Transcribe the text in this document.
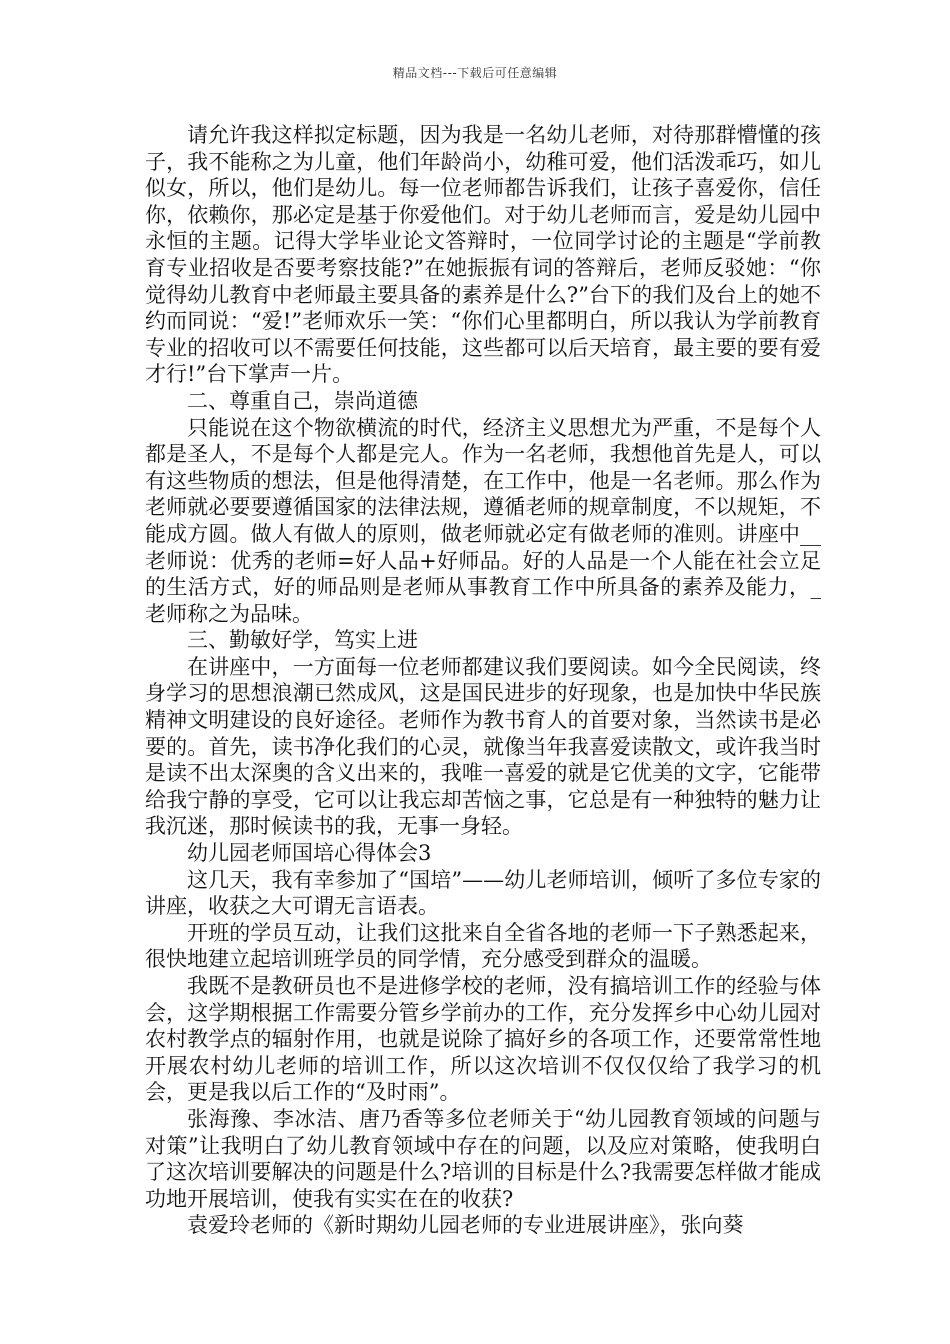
精品文档---下载后可任意编辑

请允许我这样拟定标题，因为我是一名幼儿老师，对待那群懵懂的孩子，我不能称之为儿童，他们年龄尚小，幼稚可爱，他们活泼乖巧，如儿似女，所以，他们是幼儿。每一位老师都告诉我们，让孩子喜爱你，信任你，依赖你，那必定是基于你爱他们。对于幼儿老师而言，爱是幼儿园中永恒的主题。记得大学毕业论文答辩时，一位同学讨论的主题是“学前教育专业招收是否要考察技能?”在她振振有词的答辩后，老师反驳她：“你觉得幼儿教育中老师最主要具备的素养是什么?”台下的我们及台上的她不约而同说：“爱!”老师欢乐一笑：“你们心里都明白，所以我认为学前教育专业的招收可以不需要任何技能，这些都可以后天培育，最主要的要有爱才行!”台下掌声一片。

二、尊重自己，崇尚道德

只能说在这个物欲横流的时代，经济主义思想尤为严重，不是每个人都是圣人，不是每个人都是完人。作为一名老师，我想他首先是人，可以有这些物质的想法，但是他得清楚，在工作中，他是一名老师。那么作为老师就必要要遵循国家的法律法规，遵循老师的规章制度，不以规矩，不能成方圆。做人有做人的原则，做老师就必定有做老师的准则。讲座中__老师说：优秀的老师=好人品+好师品。好的人品是一个人能在社会立足的生活方式，好的师品则是老师从事教育工作中所具备的素养及能力，_老师称之为品味。

三、勤敏好学，笃实上进

在讲座中，一方面每一位老师都建议我们要阅读。如今全民阅读，终身学习的思想浪潮已然成风，这是国民进步的好现象，也是加快中华民族精神文明建设的良好途径。老师作为教书育人的首要对象，当然读书是必要的。首先，读书净化我们的心灵，就像当年我喜爱读散文，或许我当时是读不出太深奥的含义出来的，我唯一喜爱的就是它优美的文字，它能带给我宁静的享受，它可以让我忘却苦恼之事，它总是有一种独特的魅力让我沉迷，那时候读书的我，无事一身轻。

幼儿园老师国培心得体会3

这几天，我有幸参加了“国培”——幼儿老师培训，倾听了多位专家的讲座，收获之大可谓无言语表。

开班的学员互动，让我们这批来自全省各地的老师一下子熟悉起来，很快地建立起培训班学员的同学情，充分感受到群众的温暖。

我既不是教研员也不是进修学校的老师，没有搞培训工作的经验与体会，这学期根据工作需要分管乡学前办的工作，充分发挥乡中心幼儿园对农村教学点的辐射作用，也就是说除了搞好乡的各项工作，还要常常性地开展农村幼儿老师的培训工作，所以这次培训不仅仅仅给了我学习的机会，更是我以后工作的“及时雨”。

张海豫、李冰洁、唐乃香等多位老师关于“幼儿园教育领域的问题与对策”让我明白了幼儿教育领域中存在的问题，以及应对策略，使我明白了这次培训要解决的问题是什么?培训的目标是什么?我需要怎样做才能成功地开展培训，使我有实实在在的收获?

袁爱玲老师的《新时期幼儿园老师的专业进展讲座》，张向葵
